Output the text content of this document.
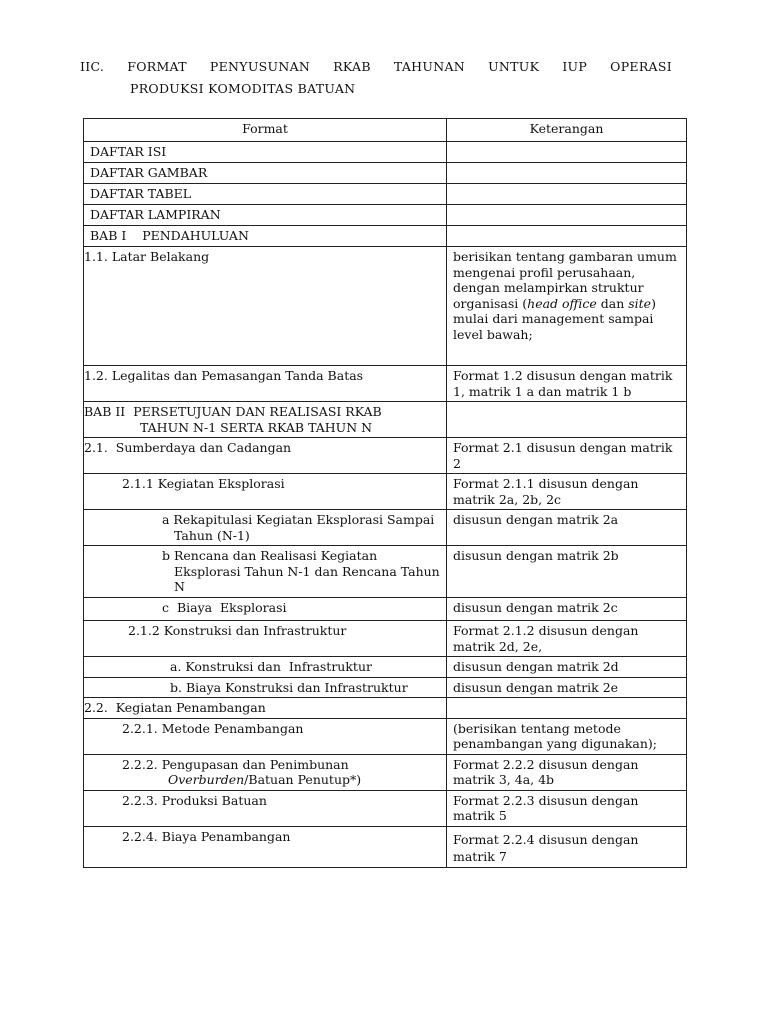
IIC. FORMAT PENYUSUNAN RKAB TAHUNAN UNTUK IUP OPERASI
PRODUKSI KOMODITAS BATUAN
Format	Keterangan
DAFTAR ISI	
DAFTAR GAMBAR	
DAFTAR TABEL	
DAFTAR LAMPIRAN	
BAB I    PENDAHULUAN	
1.1. Latar Belakang	berisikan tentang gambaran umum mengenai profil perusahaan, dengan melampirkan struktur organisasi (head office dan site) mulai dari management sampai level bawah;
1.2. Legalitas dan Pemasangan Tanda Batas	Format 1.2 disusun dengan matrik 1, matrik 1 a dan matrik 1 b
BAB II  PERSETUJUAN DAN REALISASI RKAB
TAHUN N-1 SERTA RKAB TAHUN N	

2.1.  Sumberdaya dan Cadangan	Format 2.1 disusun dengan matrik 2
2.1.1 Kegiatan Eksplorasi	Format 2.1.1 disusun dengan matrik 2a, 2b, 2c

a Rekapitulasi Kegiatan Eksplorasi Sampai Tahun (N-1)	disusun dengan matrik 2a

b Rencana dan Realisasi Kegiatan Eksplorasi Tahun N-1 dan Rencana Tahun N	disusun dengan matrik 2b
c  Biaya  Eksplorasi	disusun dengan matrik 2c
2.1.2 Konstruksi dan Infrastruktur	Format 2.1.2 disusun dengan matrik 2d, 2e,
a. Konstruksi dan  Infrastruktur	disusun dengan matrik 2d

b. Biaya Konstruksi dan Infrastruktur	disusun dengan matrik 2e
2.2.  Kegiatan Penambangan	
2.2.1. Metode Penambangan	(berisikan tentang metode penambangan yang digunakan);

2.2.2. Pengupasan dan Penimbunan Overburden/Batuan Penutup*)	Format 2.2.2 disusun dengan matrik 3, 4a, 4b
2.2.3. Produksi Batuan	Format 2.2.3 disusun dengan matrik 5
2.2.4. Biaya Penambangan	Format 2.2.4 disusun dengan matrik 7
